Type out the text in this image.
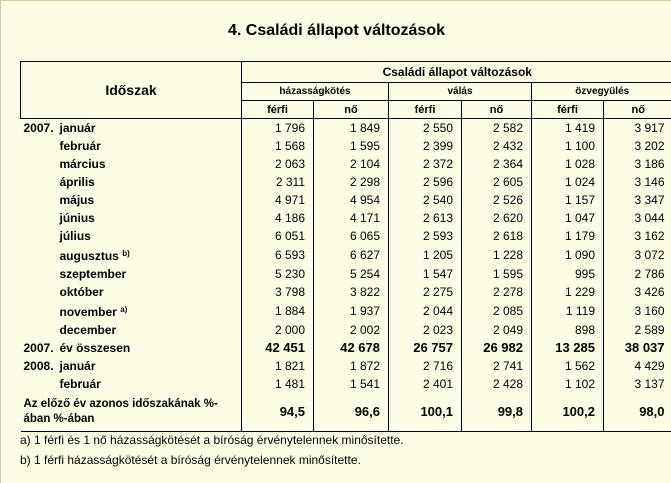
4. Családi állapot változások
Időszak	Családi állapot változások					
	házasságkötés		válás		özvegyülés	
	férfi	nő	férfi	nő	férfi	nő
2007. január	1 796	1 849	2 550	2 582	1 419	3 917
február	1 568	1 595	2 399	2 432	1 100	3 202
március	2 063	2 104	2 372	2 364	1 028	3 186
április	2 311	2 298	2 596	2 605	1 024	3 146
május	4 971	4 954	2 540	2 526	1 157	3 347
június	4 186	4 171	2 613	2 620	1 047	3 044
július	6 051	6 065	2 593	2 618	1 179	3 162
augusztus $^{b)}$	6 593	6 627	1 205	1 228	1 090	3 072
szeptember	5 230	5 254	1 547	1 595	995	2 786
október	3 798	3 822	2 275	2 278	1 229	3 426
november $^{a)}$	1 884	1 937	2 044	2 085	1 119	3 160
december	2 000	2 002	2 023	2 049	898	2 589
2007. év összesen	42 451	42 678	26 757	26 982	13 285	38 037
2008. január	1 821	1 872	2 716	2 741	1 562	4 429
február	1 481	1 541	2 401	2 428	1 102	3 137
Az előző év azonos időszakának %-ában %-ában	94,5	96,6	100,1	99,8	100,2	98,0
a) 1 férfi és 1 nő házasságkötését a bíróság érvénytelennek minősítette.
b) 1 férfi házasságkötését a bíróság érvénytelennek minősítette.
